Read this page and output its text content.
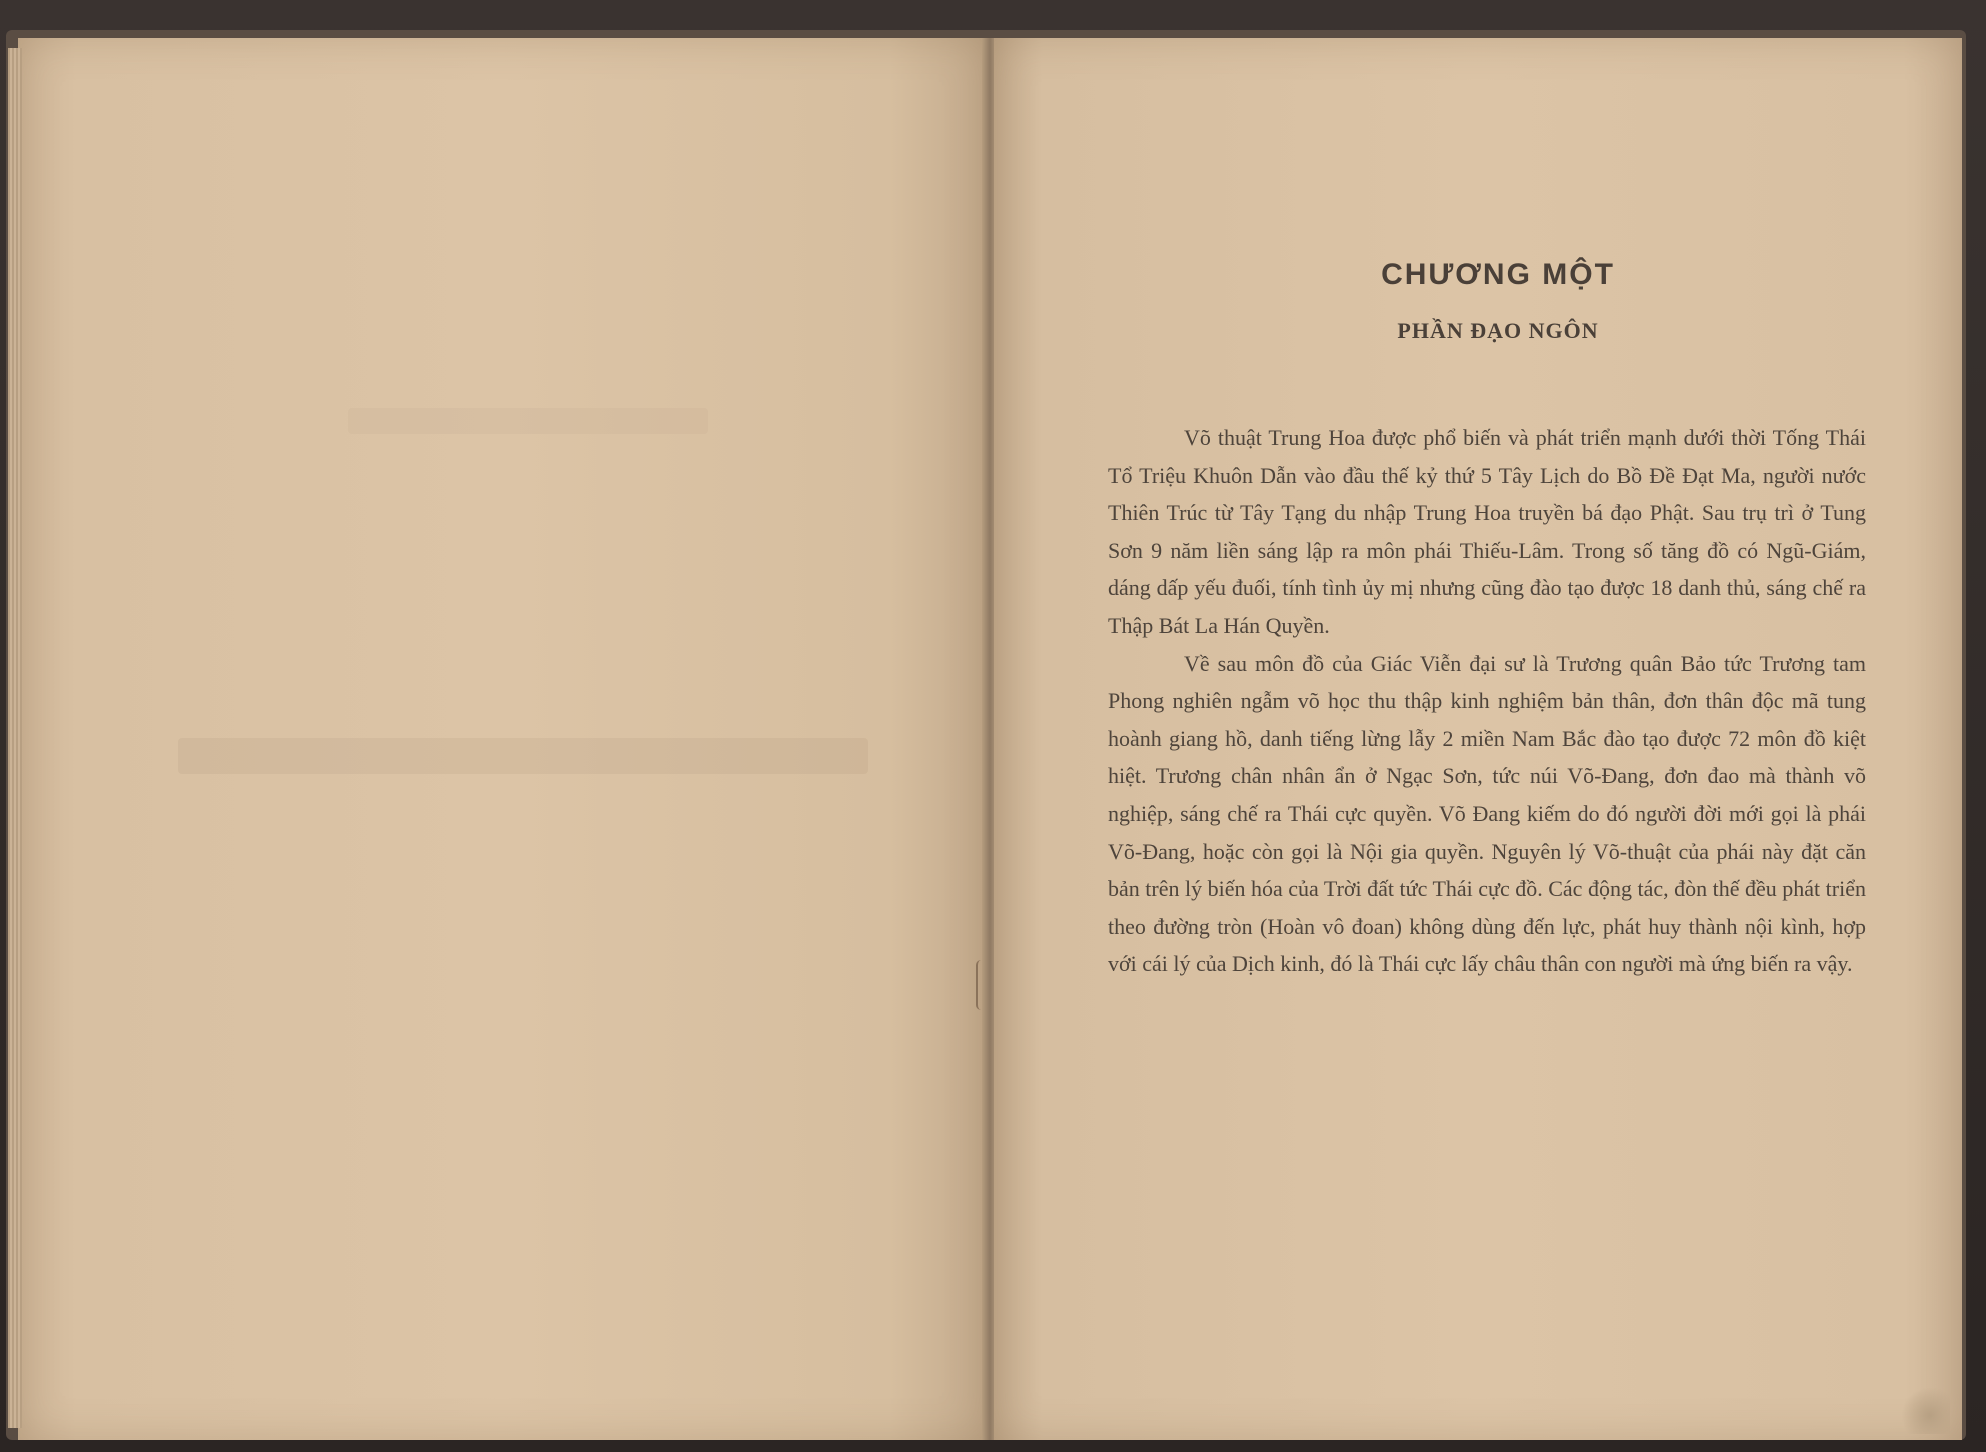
CHƯƠNG MỘT
PHẦN ĐẠO NGÔN

Võ thuật Trung Hoa được phổ biến và phát triển mạnh dưới thời Tống Thái Tổ Triệu Khuôn Dẫn vào đầu thế kỷ thứ 5 Tây Lịch do Bồ Đề Đạt Ma, người nước Thiên Trúc từ Tây Tạng du nhập Trung Hoa truyền bá đạo Phật. Sau trụ trì ở Tung Sơn 9 năm liền sáng lập ra môn phái Thiếu-Lâm. Trong số tăng đồ có Ngũ-Giám, dáng dấp yếu đuối, tính tình ủy mị nhưng cũng đào tạo được 18 danh thủ, sáng chế ra Thập Bát La Hán Quyền.

Về sau môn đồ của Giác Viễn đại sư là Trương quân Bảo tức Trương tam Phong nghiên ngẫm võ học thu thập kinh nghiệm bản thân, đơn thân độc mã tung hoành giang hồ, danh tiếng lừng lẫy 2 miền Nam Bắc đào tạo được 72 môn đồ kiệt hiệt. Trương chân nhân ẩn ở Ngạc Sơn, tức núi Võ-Đang, đơn đao mà thành võ nghiệp, sáng chế ra Thái cực quyền. Võ Đang kiếm do đó người đời mới gọi là phái Võ-Đang, hoặc còn gọi là Nội gia quyền. Nguyên lý Võ-thuật của phái này đặt căn bản trên lý biến hóa của Trời đất tức Thái cực đồ. Các động tác, đòn thế đều phát triển theo đường tròn (Hoàn vô đoan) không dùng đến lực, phát huy thành nội kình, hợp với cái lý của Dịch kinh, đó là Thái cực lấy châu thân con người mà ứng biến ra vậy.
